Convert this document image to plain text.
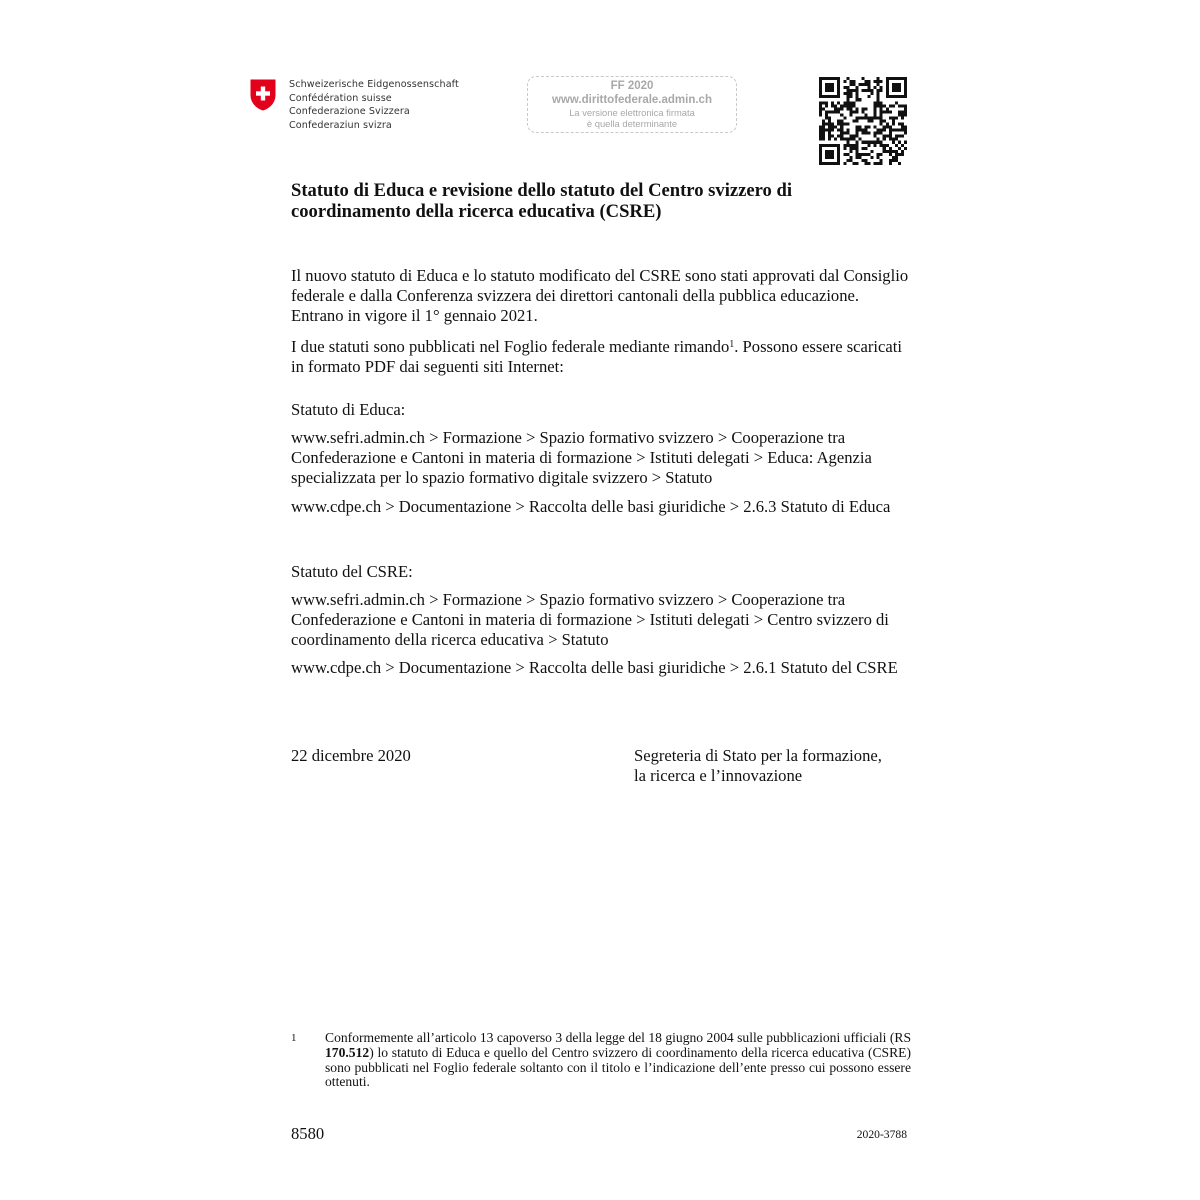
Schweizerische Eidgenossenschaft
Confédération suisse
Confederazione Svizzera
Confederaziun svizra
FF 2020
www.dirittofederale.admin.ch
La versione elettronica firmata
è quella determinante
Statuto di Educa e revisione dello statuto del Centro svizzero di coordinamento della ricerca educativa (CSRE)

Il nuovo statuto di Educa e lo statuto modificato del CSRE sono stati approvati dal Consiglio federale e dalla Conferenza svizzera dei direttori cantonali della pubblica educazione. Entrano in vigore il 1° gennaio 2021.

I due statuti sono pubblicati nel Foglio federale mediante rimando$^1$. Possono essere scaricati in formato PDF dai seguenti siti Internet:

Statuto di Educa:

www.sefri.admin.ch > Formazione > Spazio formativo svizzero > Cooperazione tra Confederazione e Cantoni in materia di formazione > Istituti delegati > Educa: Agenzia specializzata per lo spazio formativo digitale svizzero > Statuto

www.cdpe.ch > Documentazione > Raccolta delle basi giuridiche > 2.6.3 Statuto di Educa

Statuto del CSRE:

www.sefri.admin.ch > Formazione > Spazio formativo svizzero > Cooperazione tra Confederazione e Cantoni in materia di formazione > Istituti delegati > Centro svizzero di coordinamento della ricerca educativa > Statuto

www.cdpe.ch > Documentazione > Raccolta delle basi giuridiche > 2.6.1 Statuto del CSRE

22 dicembre 2020	Segreteria di Stato per la formazione,
la ricerca e l’innovazione
1	Conformemente all’articolo 13 capoverso 3 della legge del 18 giugno 2004 sulle pubblicazioni ufficiali (RS 170.512) lo statuto di Educa e quello del Centro svizzero di coordinamento della ricerca educativa (CSRE) sono pubblicati nel Foglio federale soltanto con il titolo e l’indicazione dell’ente presso cui possono essere ottenuti.
8580	2020-3788
